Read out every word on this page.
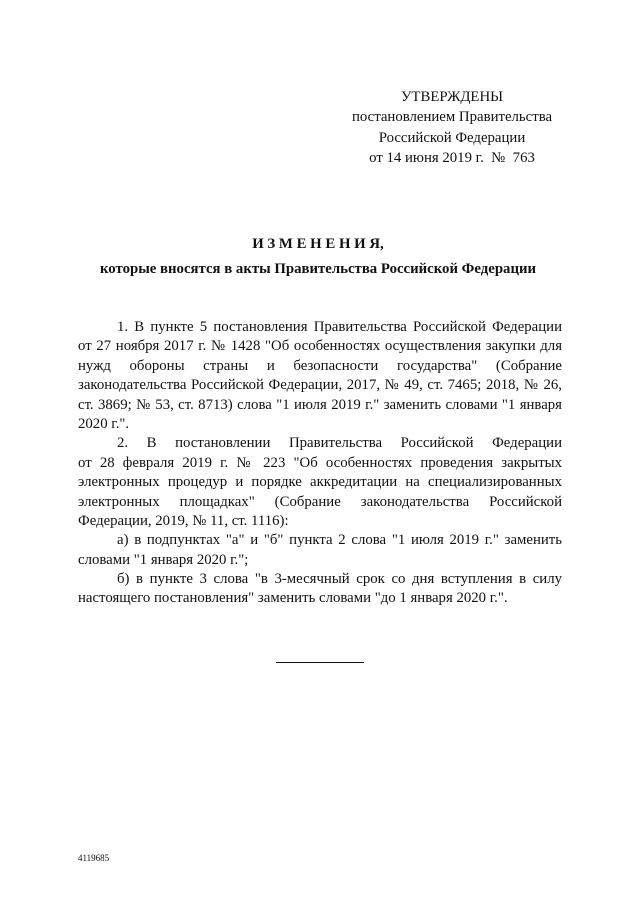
УТВЕРЖДЕНЫ
постановлением Правительства
Российской Федерации
от 14 июня 2019 г.  №  763
И З М Е Н Е Н И Я,
которые вносятся в акты Правительства Российской Федерации
1. В пункте 5 постановления Правительства Российской Федерации
от 27 ноября 2017 г. № 1428 "Об особенностях осуществления закупки для
нужд обороны страны и безопасности государства" (Собрание
законодательства Российской Федерации, 2017, № 49, ст. 7465; 2018, № 26,
ст. 3869; № 53, ст. 8713) слова "1 июля 2019 г." заменить словами "1 января
2020 г.".
2. В постановлении Правительства Российской Федерации
от 28 февраля 2019 г. № 223 "Об особенностях проведения закрытых
электронных процедур и порядке аккредитации на специализированных
электронных площадках" (Собрание законодательства Российской
Федерации, 2019, № 11, ст. 1116):
а) в подпунктах "а" и "б" пункта 2 слова "1 июля 2019 г." заменить
словами "1 января 2020 г.";
б) в пункте 3 слова "в 3-месячный срок со дня вступления в силу
настоящего постановления" заменить словами "до 1 января 2020 г.".
4119685
